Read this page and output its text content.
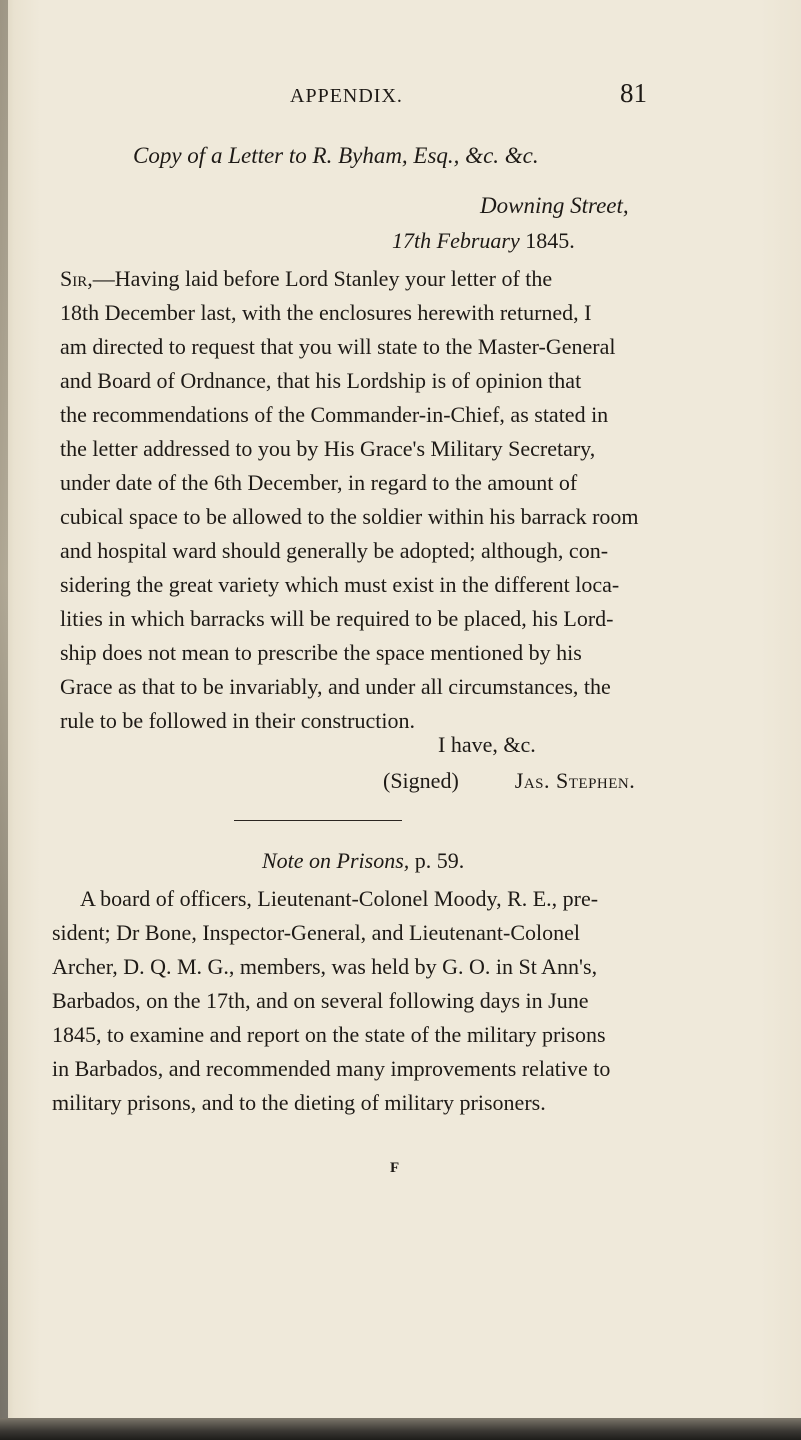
APPENDIX.	81
Copy of a Letter to R. Byham, Esq., &c. &c.
Downing Street,
17th February 1845.
Sir,—Having laid before Lord Stanley your letter of the
18th December last, with the enclosures herewith returned, I
am directed to request that you will state to the Master-General
and Board of Ordnance, that his Lordship is of opinion that
the recommendations of the Commander-in-Chief, as stated in
the letter addressed to you by His Grace's Military Secretary,
under date of the 6th December, in regard to the amount of
cubical space to be allowed to the soldier within his barrack room
and hospital ward should generally be adopted; although, con-
sidering the great variety which must exist in the different loca-
lities in which barracks will be required to be placed, his Lord-
ship does not mean to prescribe the space mentioned by his
Grace as that to be invariably, and under all circumstances, the
rule to be followed in their construction.
I have, &c.
(Signed)	Jas. Stephen.
Note on Prisons, p. 59.
A board of officers, Lieutenant-Colonel Moody, R. E., pre-
sident; Dr Bone, Inspector-General, and Lieutenant-Colonel
Archer, D. Q. M. G., members, was held by G. O. in St Ann's,
Barbados, on the 17th, and on several following days in June
1845, to examine and report on the state of the military prisons
in Barbados, and recommended many improvements relative to
military prisons, and to the dieting of military prisoners.
F
